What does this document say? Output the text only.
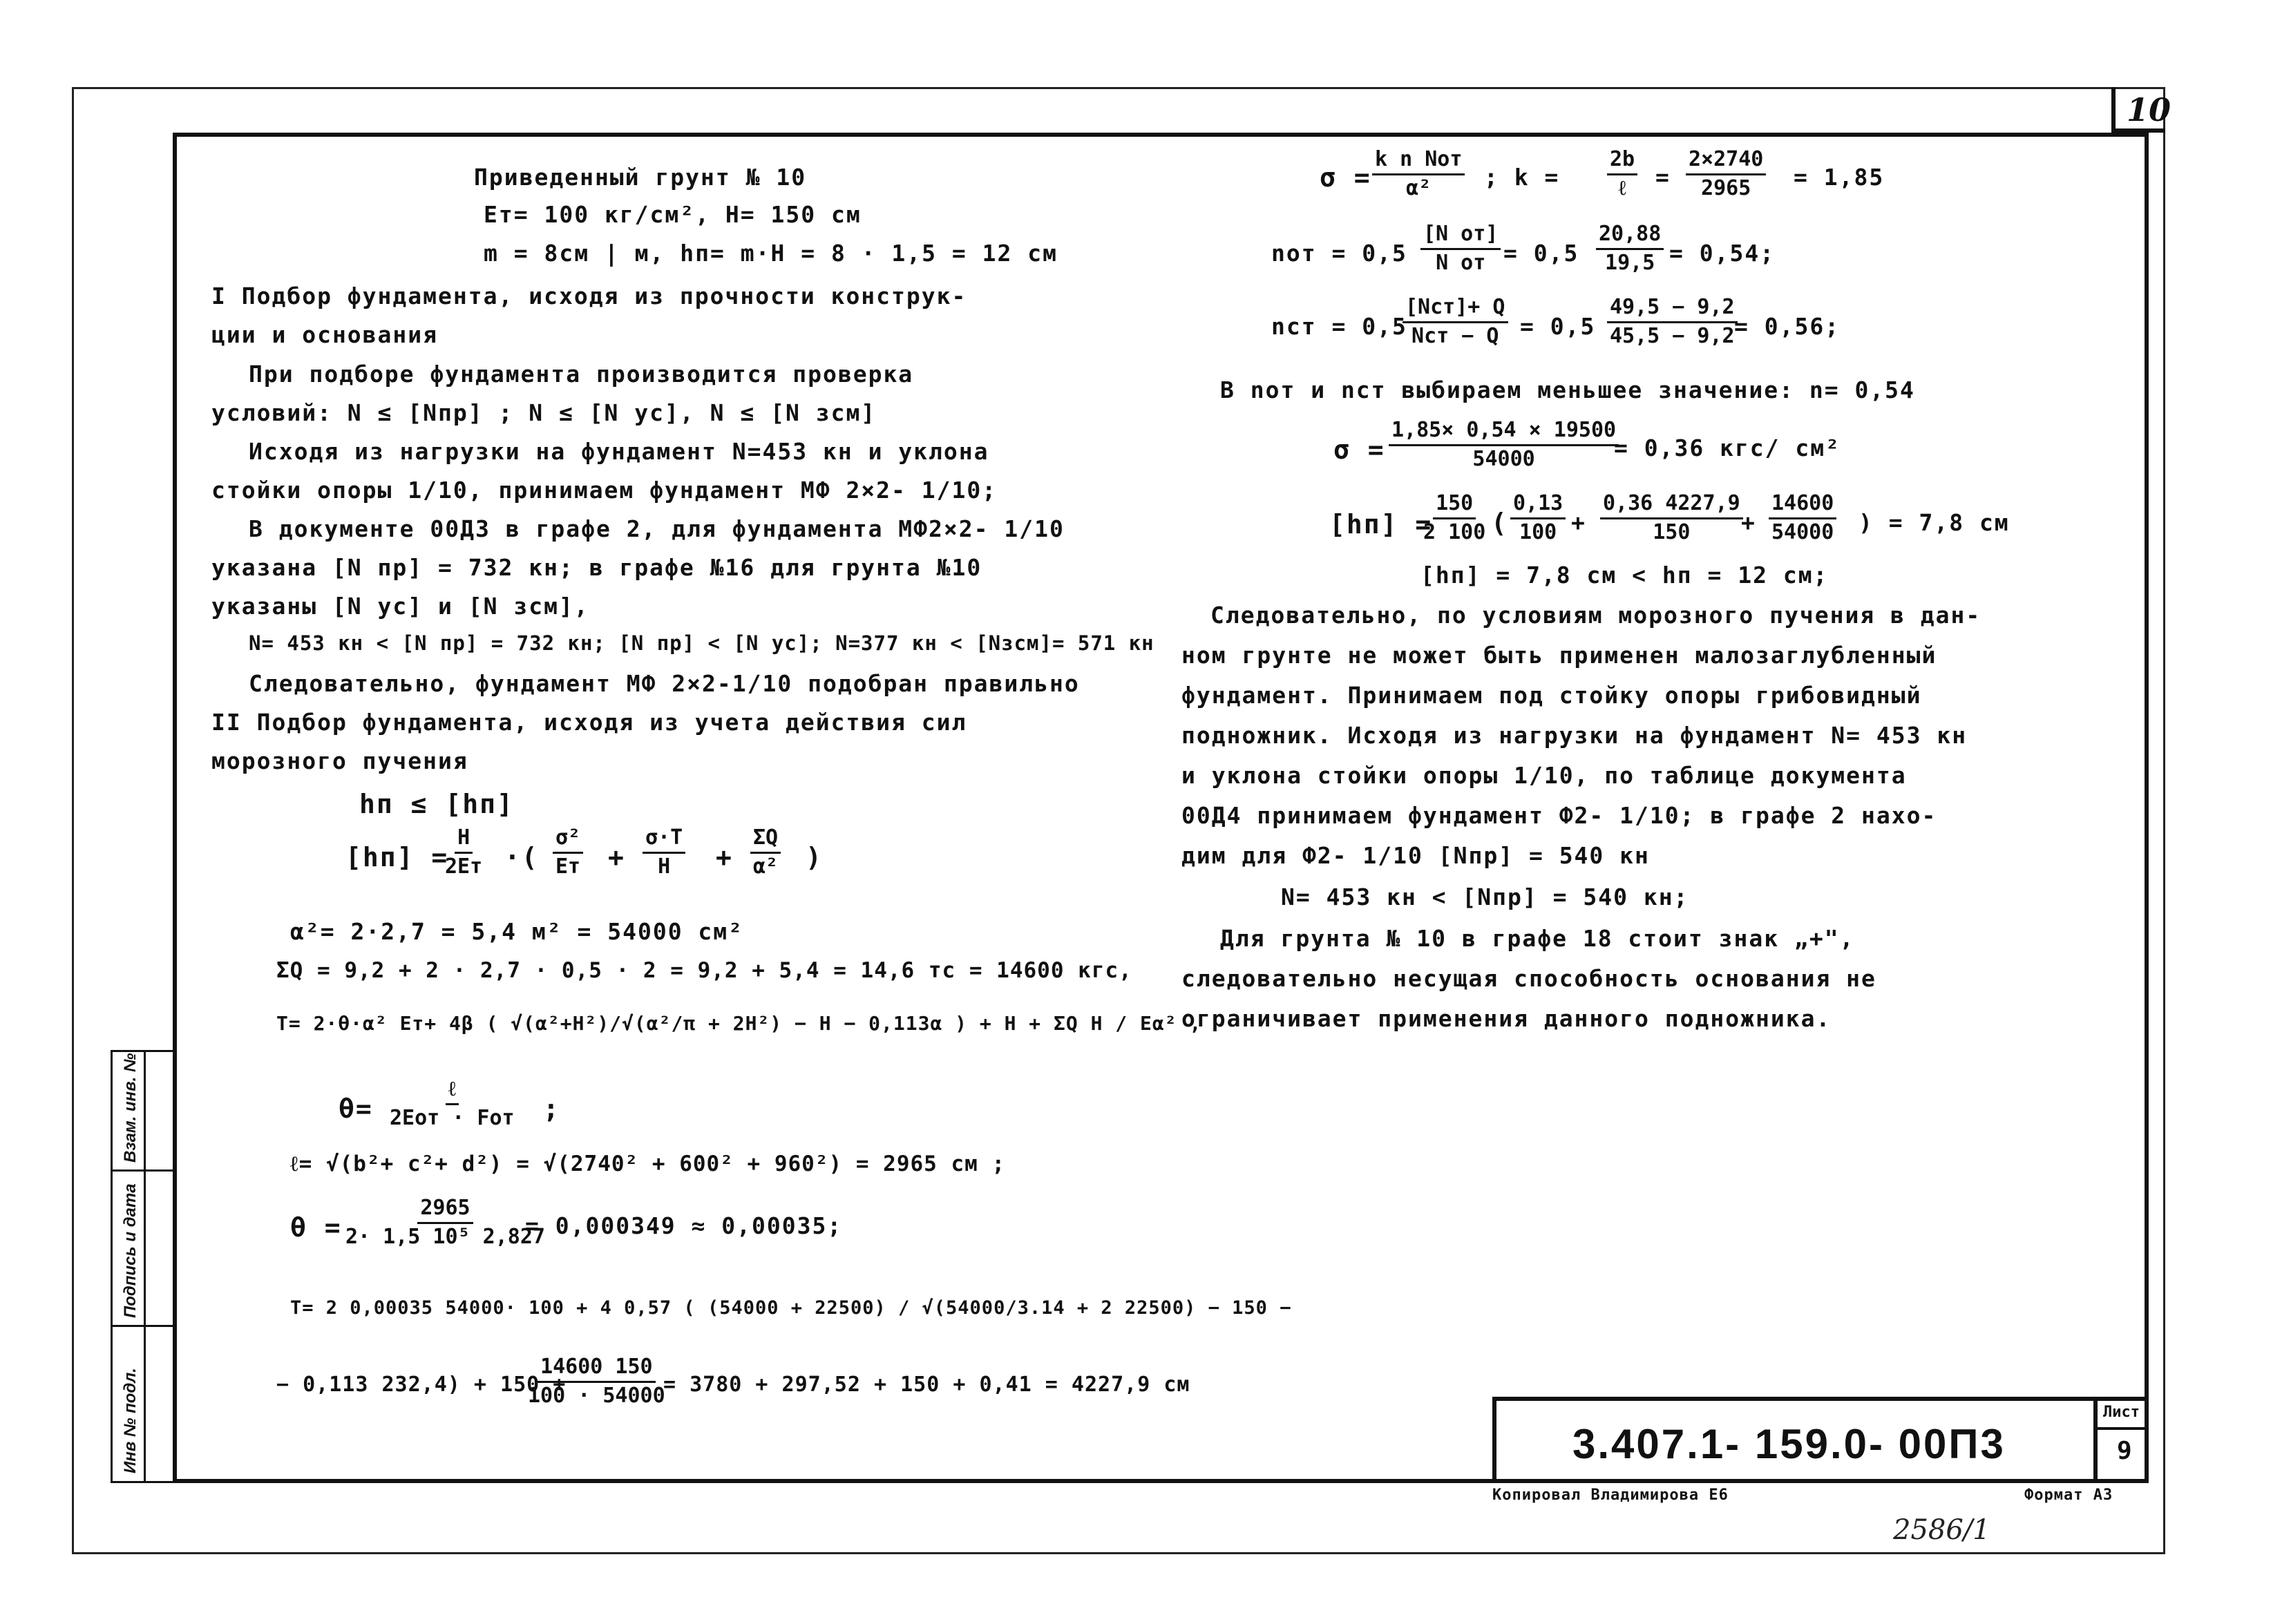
10
Взам. инв. №
Подпись и дата
Инв № подл.
Приведенный грунт № 10
Ет= 100 кг/см², Н= 150 см
m = 8см | м, hп= m·H = 8 · 1,5 = 12 см
I Подбор фундамента, исходя из прочности конструк-
ции и основания
При подборе фундамента производится проверка
условий: N ≤ [Nпр] ; N ≤ [N ус], N ≤ [N зсм]
Исходя из нагрузки на фундамент N=453 кн и уклона
стойки опоры 1/10, принимаем фундамент МФ 2×2- 1/10;
В документе 00Д3 в графе 2, для фундамента МФ2×2- 1/10
указана [N пр] = 732 кн; в графе №16 для грунта №10
указаны [N ус] и [N зсм],
N= 453 кн < [N пр] = 732 кн; [N пр] < [N ус]; N=377 кн < [Nзсм]= 571 кн
Следовательно, фундамент МФ 2×2-1/10 подобран правильно
II Подбор фундамента, исходя из учета действия сил
морозного пучения
hп ≤ [hп]
[hп] =
Н
2Ет ·(
σ²
Ет +
σ·Т
$Н + \frac{\Sigma Q}{\text{α²}}$ )
α²= 2·2,7 = 5,4 м² = 54000 см²
ΣQ = 9,2 + 2 · 2,7 · 0,5 · 2 = 9,2 + 5,4 = 14,6 тс = 14600 кгс,
Т= 2·θ·α² Ет+ 4β ( √(α²+H²)/√(α²/π + 2H²) − H − 0,113α ) + H + ΣQ H / Eα² ,
θ=
ℓ
2Eот · Fот ;
ℓ= √(b²+ c²+ d²) = √(2740² + 600² + 960²) = 2965 см ;
$\theta = \frac{2965}{\text{2· 1,5 10⁵ 2,827}}$
= 0,000349 ≈ 0,00035;
Т= 2 0,00035 54000· 100 + 4 0,57 ( (54000 + 22500) / √(54000/3.14 + 2 22500) − 150 −
− 0,113 232,4) + 150 +
$\frac{14600 150}{100 \cdot 54000}$
= 3780 + 297,52 + 150 + 0,41 = 4227,9 см
σ =
k n Nот
α² ; k =
2b
ℓ = $\frac{2\times 2740}{2965} = 1,85$
nот = 0,5
[N от]
N от = $0,5 \frac{20,88}{19,5} = 0,54$;
nст = 0,5
[Nст]+ Q
Nст − $Q = 0,5 \frac{49,5 - 9,2}{45,5 - 9,2}$
= 0,56;
В nот и nст выбираем меньшее значение: n= 0,54
$\sigma = \frac{1,85\times 0,54 \times 19500}{54000}$
= 0,36 кгс/ см²
[hп] =
$\frac{150}{2 100}$ ( $\frac{0,13}{100} + \frac{0,36 4227,9}{150}$
+ $\frac{14600}{54000}$ ) = 7,8 см
[hп] = 7,8 см < hп = 12 см;
Следовательно, по условиям морозного пучения в дан-
ном грунте не может быть применен малозаглубленный
фундамент. Принимаем под стойку опоры грибовидный
подножник. Исходя из нагрузки на фундамент N= 453 кн
и уклона стойки опоры 1/10, по таблице документа
00Д4 принимаем фундамент Ф2- 1/10; в графе 2 нахо-
дим для Ф2- 1/10 [Nпр] = 540 кн
N= 453 кн < [Nпр] = 540 кн;
Для грунта № 10 в графе 18 стоит знак „+",
следовательно несущая способность основания не
ограничивает применения данного подножника.
3.407.1- 159.0- 00П3
Лист
9
Копировал Владимирова Е6	Формат А3
2586/1
